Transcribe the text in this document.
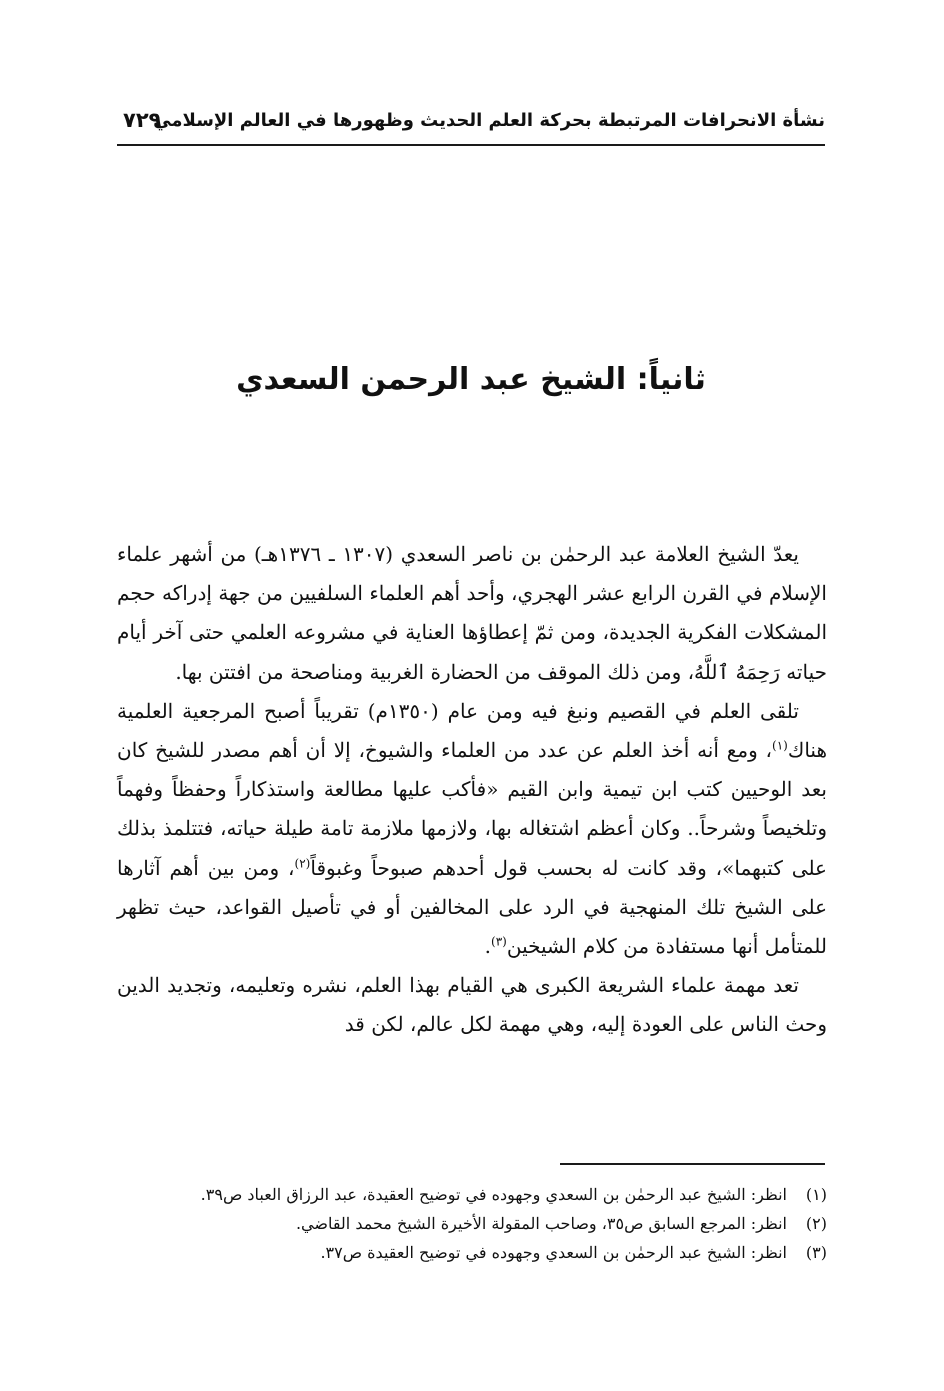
نشأة الانحرافات المرتبطة بحركة العلم الحديث وظهورها في العالم الإسلامي
٧٢٩
ثانياً: الشيخ عبد الرحمن السعدي

يعدّ الشيخ العلامة عبد الرحمٰن بن ناصر السعدي (١٣٠٧ ـ ١٣٧٦هـ) من أشهر علماء الإسلام في القرن الرابع عشر الهجري، وأحد أهم العلماء السلفيين من جهة إدراكه حجم المشكلات الفكرية الجديدة، ومن ثمّ إعطاؤها العناية في مشروعه العلمي حتى آخر أيام حياته رَحِمَهُ ٱللَّهُ، ومن ذلك الموقف من الحضارة الغربية ومناصحة من افتتن بها.

تلقى العلم في القصيم ونبغ فيه ومن عام (١٣٥٠م) تقريباً أصبح المرجعية العلمية هناك$^{(١)}$، ومع أنه أخذ العلم عن عدد من العلماء والشيوخ، إلا أن أهم مصدر للشيخ كان بعد الوحيين كتب ابن تيمية وابن القيم «فأكب عليها مطالعة واستذكاراً وحفظاً وفهماً وتلخيصاً وشرحاً.. وكان أعظم اشتغاله بها، ولازمها ملازمة تامة طيلة حياته، فتتلمذ بذلك على كتبهما»، وقد كانت له بحسب قول أحدهم صبوحاً وغبوقاً$^{(٢)}$، ومن بين أهم آثارها على الشيخ تلك المنهجية في الرد على المخالفين أو في تأصيل القواعد، حيث تظهر للمتأمل أنها مستفادة من كلام الشيخين$^{(٣)}$.

تعد مهمة علماء الشريعة الكبرى هي القيام بهذا العلم، نشره وتعليمه، وتجديد الدين وحث الناس على العودة إليه، وهي مهمة لكل عالم، لكن قد

(١)
انظر: الشيخ عبد الرحمٰن بن السعدي وجهوده في توضيح العقيدة، عبد الرزاق العباد ص٣٩.
(٢)
انظر: المرجع السابق ص٣٥، وصاحب المقولة الأخيرة الشيخ محمد القاضي.
(٣)
انظر: الشيخ عبد الرحمٰن بن السعدي وجهوده في توضيح العقيدة ص٣٧.
